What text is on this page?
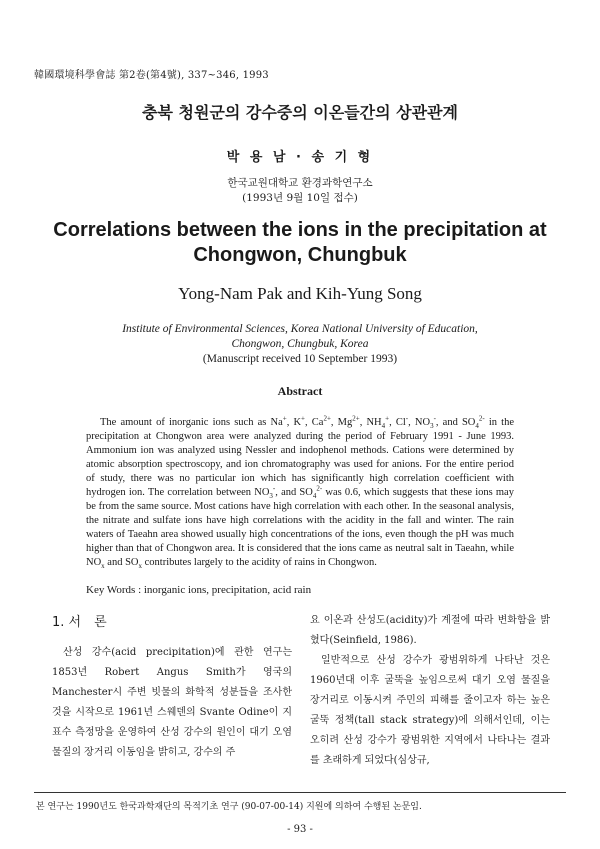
韓國環境科學會誌 第2卷(第4號), 337~346, 1993
충북 청원군의 강수중의 이온들간의 상관관계
박 용 남 · 송 기 형
한국교원대학교 환경과학연구소
(1993년 9월 10일 접수)
Correlations between the ions in the precipitation at
Chongwon, Chungbuk
Yong-Nam Pak and Kih-Yung Song
Institute of Environmental Sciences, Korea National University of Education,
Chongwon, Chungbuk, Korea
(Manuscript received 10 September 1993)
Abstract

The amount of inorganic ions such as Na+, K+, $Ca^{2+}$, $Mg^{2+}$, $NH_4^+$, Cl-, $NO_3^-$, and $SO_4^{2-}$ in the precipitation at Chongwon area were analyzed during the period of February 1991 - June 1993. Ammonium ion was analyzed using Nessler and indophenol methods. Cations were determined by atomic absorption spectroscopy, and ion chromatography was used for anions. For the entire period of study, there was no particular ion which has significantly high correlation coefficient with hydrogen ion. The correlation between $NO_3^-$, and $SO_4^{2-}$ was 0.6, which suggests that these ions may be from the same source. Most cations have high correlation with each other. In the seasonal analysis, the nitrate and sulfate ions have high correlations with the acidity in the fall and winter. The rain waters of Taeahn area showed usually high concentrations of the ions, even though the pH was much higher than that of Chongwon area. It is considered that the ions came as neutral salt in Taeahn, while $NO_x$ and $SO_x$ contributes largely to the acidity of rains in Chongwon.

Key Words : inorganic ions, precipitation, acid rain
1. 서　론

산성 강수(acid precipitation)에 관한 연구는 1853년 Robert Angus Smith가 영국의 Manchester시 주변 빗물의 화학적 성분들을 조사한 것을 시작으로 1961년 스웨덴의 Svante Odine이 지표수 측정망을 운영하여 산성 강수의 원인이 대기 오염 물질의 장거리 이동임을 밝히고, 강수의 주

요 이온과 산성도(acidity)가 계절에 따라 변화함을 밝혔다(Seinfield, 1986).

일반적으로 산성 강수가 광범위하게 나타난 것은 1960년대 이후 굴뚝을 높임으로써 대기 오염 물질을 장거리로 이동시켜 주민의 피해를 줄이고자 하는 높은 굴뚝 정책(tall stack strategy)에 의해서인데, 이는 오히려 산성 강수가 광범위한 지역에서 나타나는 결과를 초래하게 되었다(심상규,

본 연구는 1990년도 한국과학재단의 목적기초 연구 (90-07-00-14) 지원에 의하여 수행된 논문임.
- 93 -
